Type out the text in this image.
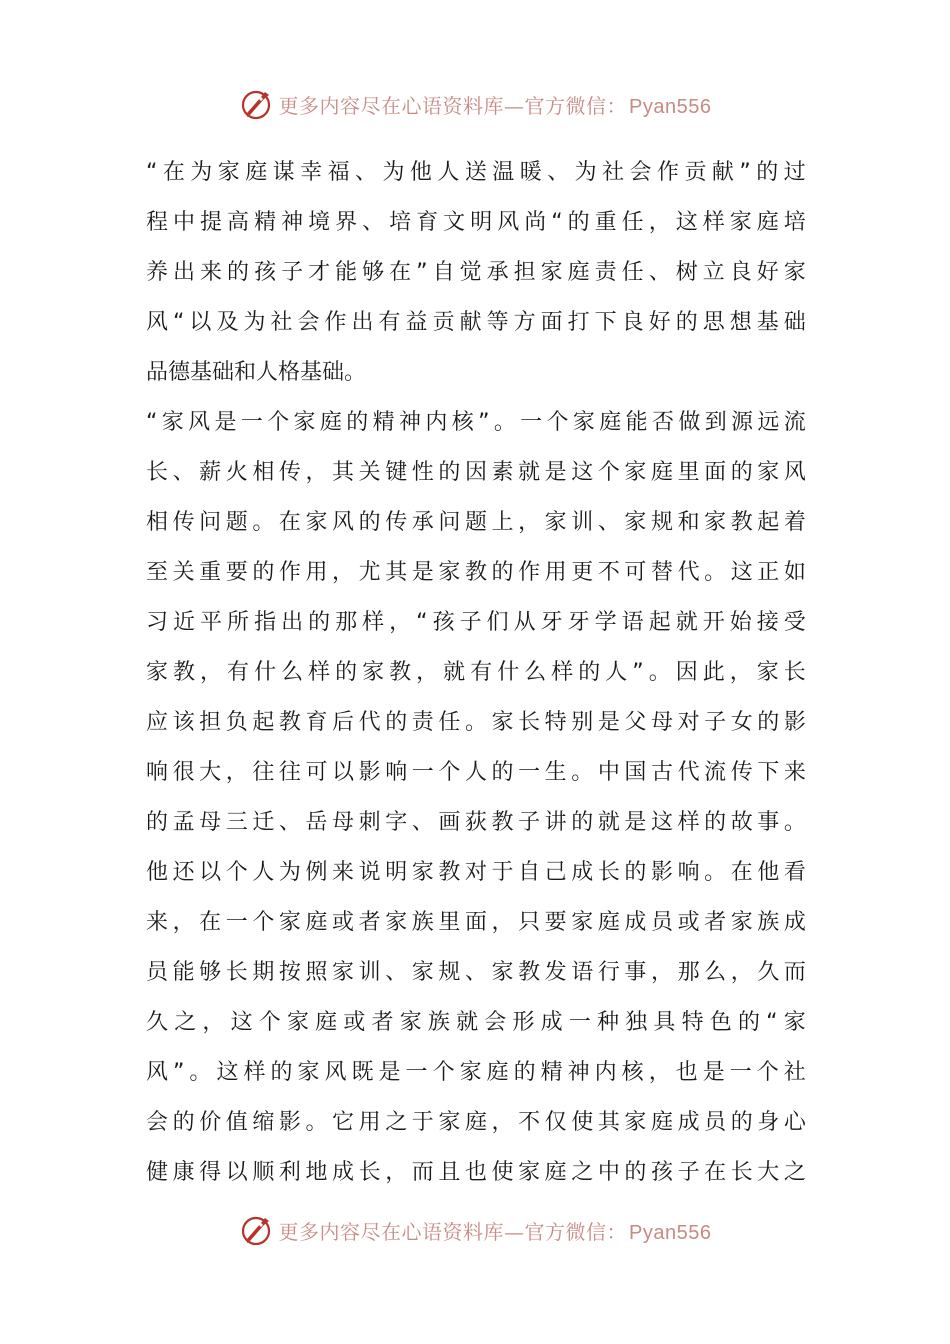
更多内容尽在心语资料库—官方微信： Pyan556
“ 在 为 家 庭 谋 幸 福 、 为 他 人 送 温 暖 、 为 社 会 作 贡 献 ” 的 过
程 中 提 高 精 神 境 界 、 培 育 文 明 风 尚 “ 的 重 任 ， 这 样 家 庭 培
养 出 来 的 孩 子 才 能 够 在 ” 自 觉 承 担 家 庭 责 任 、 树 立 良 好 家
风 “ 以 及 为 社 会 作 出 有 益 贡 献 等 方 面 打 下 良 好 的 思 想 基 础
品德基础和人格基础。
“ 家 风 是 一 个 家 庭 的 精 神 内 核 ” 。 一 个 家 庭 能 否 做 到 源 远 流
长 、 薪 火 相 传 ， 其 关 键 性 的 因 素 就 是 这 个 家 庭 里 面 的 家 风
相 传 问 题 。 在 家 风 的 传 承 问 题 上 ， 家 训 、 家 规 和 家 教 起 着
至 关 重 要 的 作 用 ， 尤 其 是 家 教 的 作 用 更 不 可 替 代 。 这 正 如
习 近 平 所 指 出 的 那 样 ， “ 孩 子 们 从 牙 牙 学 语 起 就 开 始 接 受
家 教 ， 有 什 么 样 的 家 教 ， 就 有 什 么 样 的 人 ” 。 因 此 ， 家 长
应 该 担 负 起 教 育 后 代 的 责 任 。 家 长 特 别 是 父 母 对 子 女 的 影
响 很 大 ， 往 往 可 以 影 响 一 个 人 的 一 生 。 中 国 古 代 流 传 下 来
的 孟 母 三 迁 、 岳 母 刺 字 、 画 荻 教 子 讲 的 就 是 这 样 的 故 事 。
他 还 以 个 人 为 例 来 说 明 家 教 对 于 自 己 成 长 的 影 响 。 在 他 看
来 ， 在 一 个 家 庭 或 者 家 族 里 面 ， 只 要 家 庭 成 员 或 者 家 族 成
员 能 够 长 期 按 照 家 训 、 家 规 、 家 教 发 语 行 事 ， 那 么 ， 久 而
久 之 ， 这 个 家 庭 或 者 家 族 就 会 形 成 一 种 独 具 特 色 的 “ 家
风 ” 。 这 样 的 家 风 既 是 一 个 家 庭 的 精 神 内 核 ， 也 是 一 个 社
会 的 价 值 缩 影 。 它 用 之 于 家 庭 ， 不 仅 使 其 家 庭 成 员 的 身 心
健 康 得 以 顺 利 地 成 长 ， 而 且 也 使 家 庭 之 中 的 孩 子 在 长 大 之
更多内容尽在心语资料库—官方微信： Pyan556
